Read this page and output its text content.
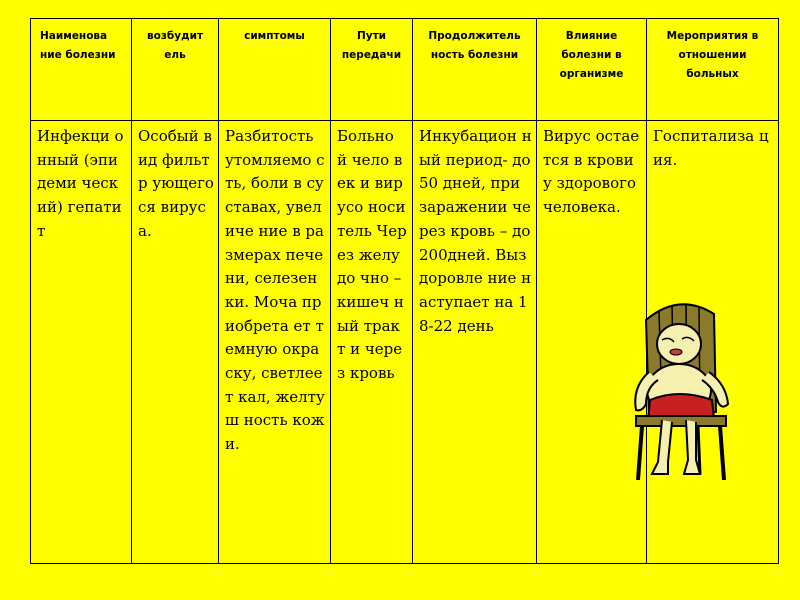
Наименова ние болезни	возбудит ель	симптомы	Пути передачи	Продолжитель ность болезни	Влияние болезни в организме	Мероприятия в отношении больных
Инфекци онный (эпидеми ческий) гепатит	Особый вид фильтр ующего ся вируса.	Разбитость утомляемо сть, боли в суставах, увеличе ние в размерах печени, селезенки. Моча приобрета ет темную окраску, светлеет кал, желтуш ность кожи.	Больно й чело век и вирусо носи тель Через желудо чно – кишеч ный тракт и через кровь	Инкубацион ный период- до 50 дней, при заражении через кровь – до 200дней. Выздоровле ние наступает на 18-22 день	Вирус остается в крови у здорового человека.	Госпитализа ция.
